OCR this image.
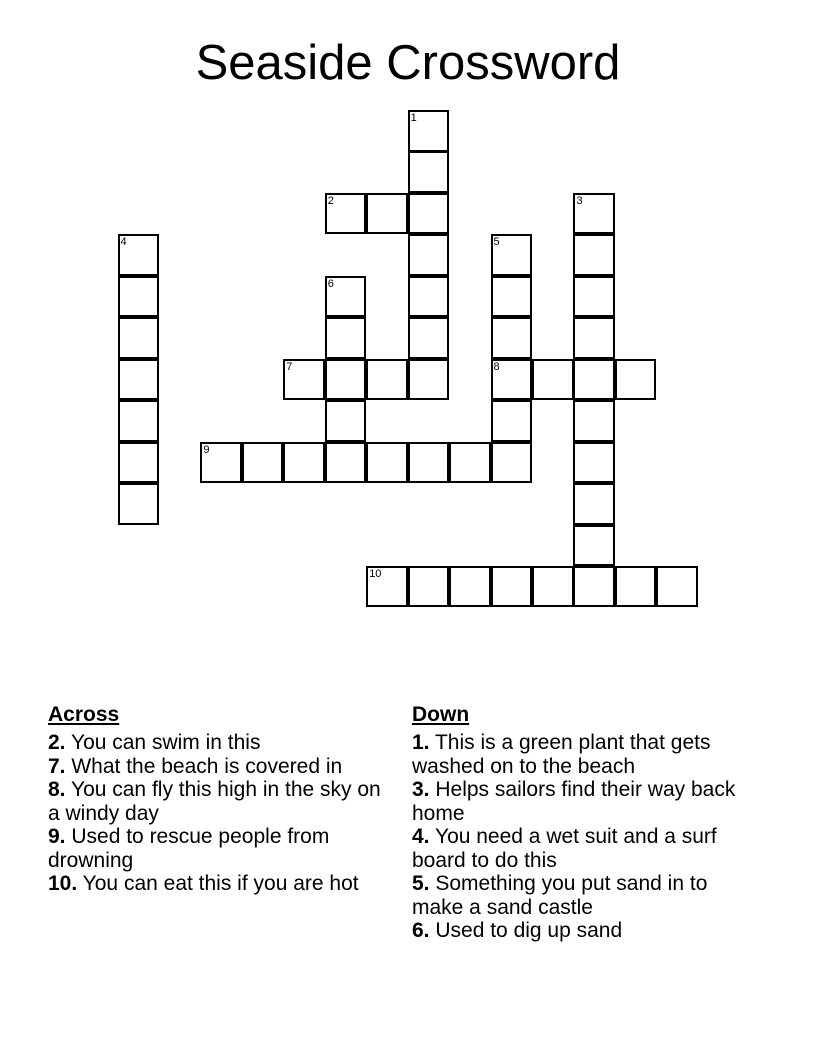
Seaside Crossword
1
2	3
4	5
8
6
7
9
10
Across

2. You can swim in this

7. What the beach is covered in

8. You can fly this high in the sky on a windy day

9. Used to rescue people from drowning

10. You can eat this if you are hot

Down

1. This is a green plant that gets washed on to the beach

3. Helps sailors find their way back home

4. You need a wet suit and a surf board to do this

5. Something you put sand in to make a sand castle

6. Used to dig up sand
